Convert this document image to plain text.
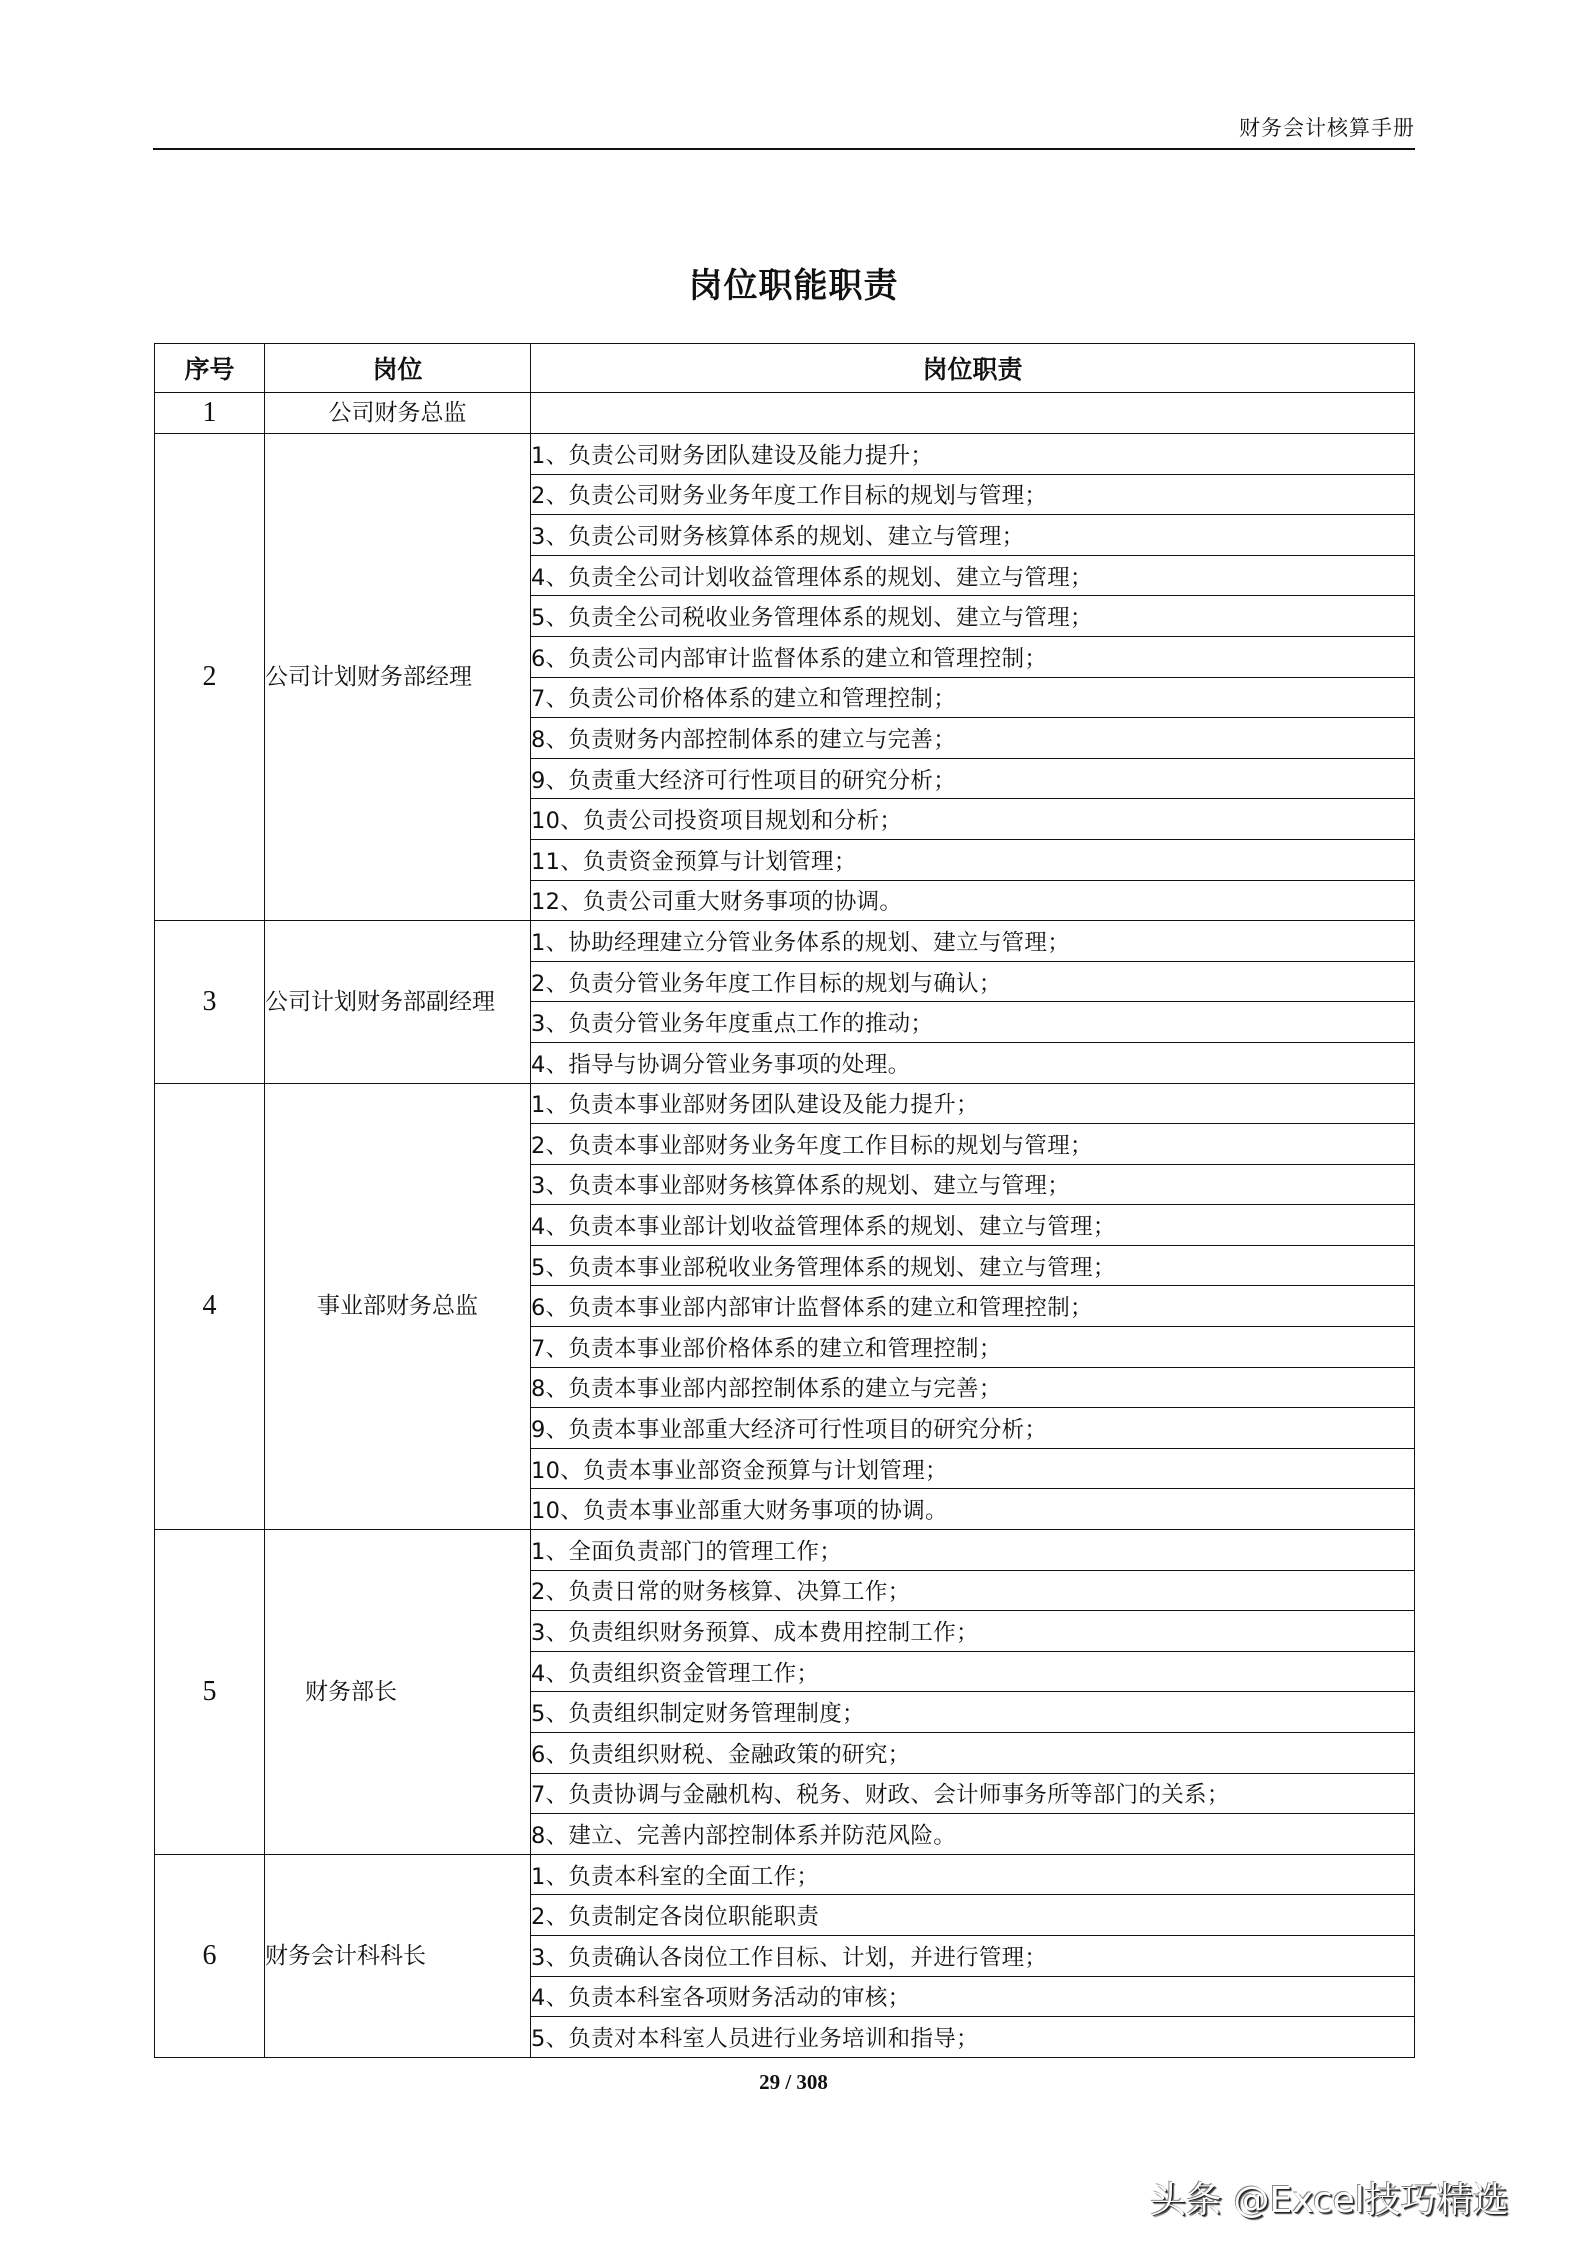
财务会计核算手册
岗位职能职责
序号	岗位	岗位职责
1	公司财务总监	
2	公司计划财务部经理	1、负责公司财务团队建设及能力提升；
		2、负责公司财务业务年度工作目标的规划与管理；
		3、负责公司财务核算体系的规划、建立与管理；
		4、负责全公司计划收益管理体系的规划、建立与管理；
		5、负责全公司税收业务管理体系的规划、建立与管理；
		6、负责公司内部审计监督体系的建立和管理控制；
		7、负责公司价格体系的建立和管理控制；
		8、负责财务内部控制体系的建立与完善；
		9、负责重大经济可行性项目的研究分析；
		10、负责公司投资项目规划和分析；
		11、负责资金预算与计划管理；
		12、负责公司重大财务事项的协调。
3	公司计划财务部副经理	1、协助经理建立分管业务体系的规划、建立与管理；
		2、负责分管业务年度工作目标的规划与确认；
		3、负责分管业务年度重点工作的推动；
		4、指导与协调分管业务事项的处理。
4	事业部财务总监	1、负责本事业部财务团队建设及能力提升；
		2、负责本事业部财务业务年度工作目标的规划与管理；
		3、负责本事业部财务核算体系的规划、建立与管理；
		4、负责本事业部计划收益管理体系的规划、建立与管理；
		5、负责本事业部税收业务管理体系的规划、建立与管理；
		6、负责本事业部内部审计监督体系的建立和管理控制；
		7、负责本事业部价格体系的建立和管理控制；
		8、负责本事业部内部控制体系的建立与完善；
		9、负责本事业部重大经济可行性项目的研究分析；
		10、负责本事业部资金预算与计划管理；
		10、负责本事业部重大财务事项的协调。
5	财务部长	1、全面负责部门的管理工作；
		2、负责日常的财务核算、决算工作；
		3、负责组织财务预算、成本费用控制工作；
		4、负责组织资金管理工作；
		5、负责组织制定财务管理制度；
		6、负责组织财税、金融政策的研究；
		7、负责协调与金融机构、税务、财政、会计师事务所等部门的关系；
		8、建立、完善内部控制体系并防范风险。
6	财务会计科科长	1、负责本科室的全面工作；
		2、负责制定各岗位职能职责
		3、负责确认各岗位工作目标、计划，并进行管理；
		4、负责本科室各项财务活动的审核；
		5、负责对本科室人员进行业务培训和指导；
29 / 308
头条 @Excel技巧精选
